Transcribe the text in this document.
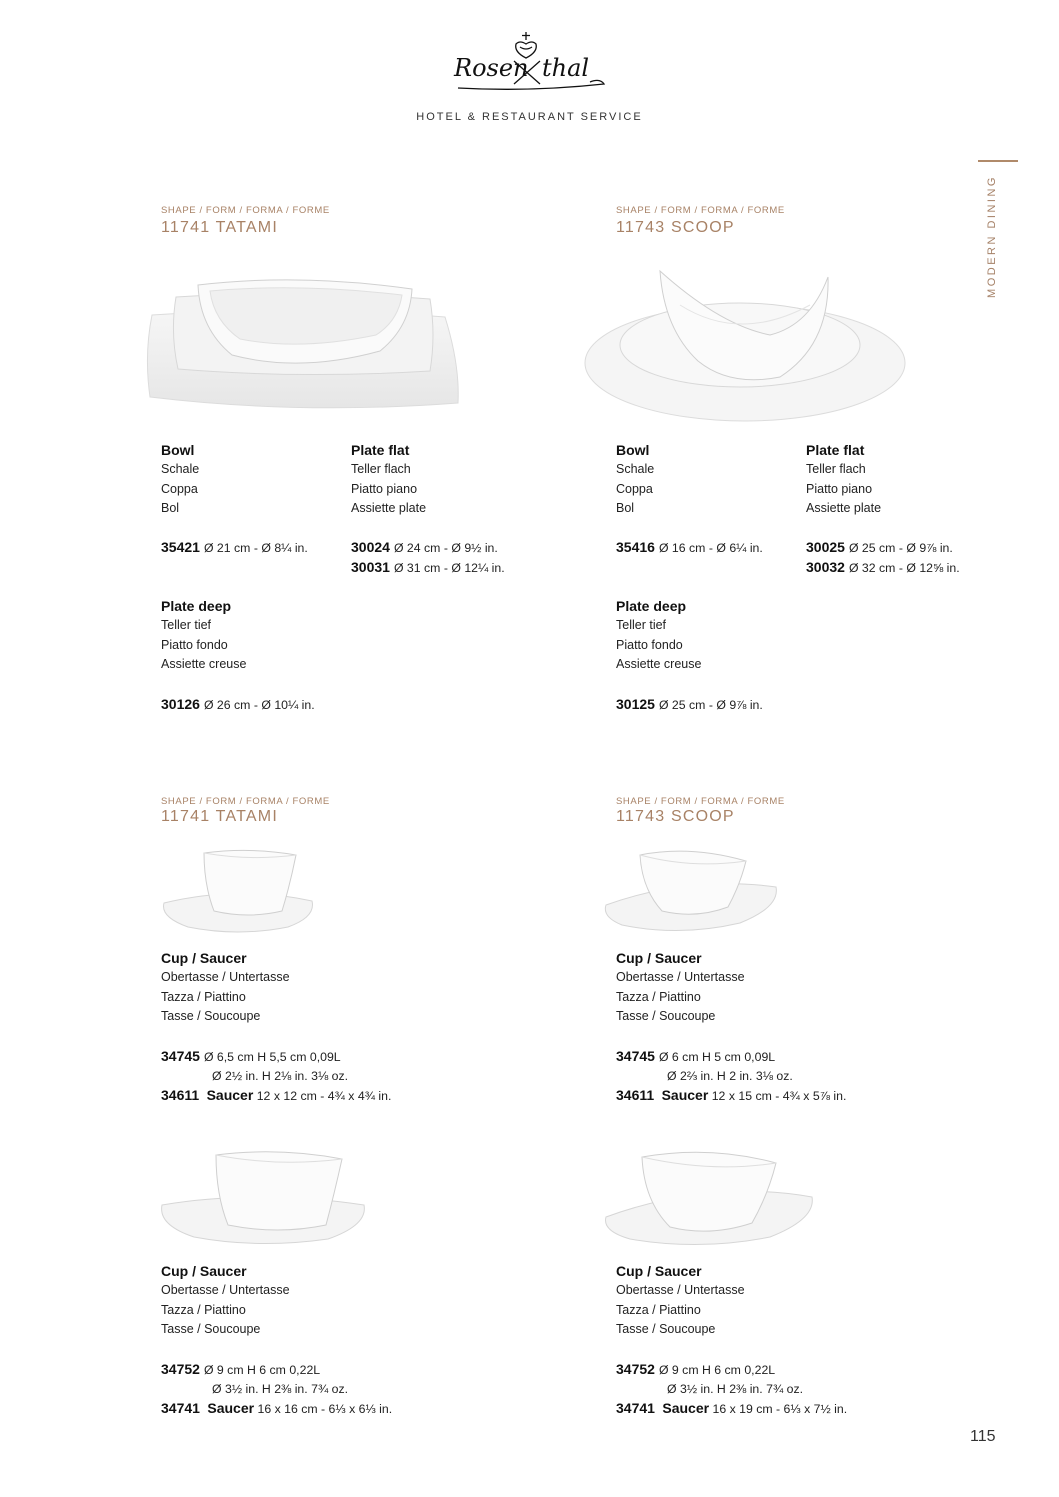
Rosen thal
HOTEL & RESTAURANT SERVICE
MODERN DINING
SHAPE / FORM / FORMA / FORME
11741 TATAMI
Bowl
Schale
Coppa
Bol
35421 Ø 21 cm - Ø 8¼ in.
Plate flat
Teller flach
Piatto piano
Assiette plate
30024 Ø 24 cm - Ø 9½ in.
30031 Ø 31 cm - Ø 12¼ in.
Plate deep
Teller tief
Piatto fondo
Assiette creuse
30126 Ø 26 cm - Ø 10¼ in.
SHAPE / FORM / FORMA / FORME
11743 SCOOP
Bowl
Schale
Coppa
Bol
35416 Ø 16 cm - Ø 6¼ in.
Plate flat
Teller flach
Piatto piano
Assiette plate
30025 Ø 25 cm - Ø 9⅞ in.
30032 Ø 32 cm - Ø 12⅝ in.
Plate deep
Teller tief
Piatto fondo
Assiette creuse
30125 Ø 25 cm - Ø 9⅞ in.
SHAPE / FORM / FORMA / FORME
11741 TATAMI
Cup / Saucer
Obertasse / Untertasse
Tazza / Piattino
Tasse / Soucoupe
34745 Ø 6,5 cm H 5,5 cm 0,09L
Ø 2½ in. H 2⅛ in. 3⅛ oz.
34611 Saucer 12 x 12 cm - 4¾ x 4¾ in.
Cup / Saucer
Obertasse / Untertasse
Tazza / Piattino
Tasse / Soucoupe
34752 Ø 9 cm H 6 cm 0,22L
Ø 3½ in. H 2⅜ in. 7¾ oz.
34741 Saucer 16 x 16 cm - 6⅓ x 6⅓ in.
SHAPE / FORM / FORMA / FORME
11743 SCOOP
Cup / Saucer
Obertasse / Untertasse
Tazza / Piattino
Tasse / Soucoupe
34745 Ø 6 cm H 5 cm 0,09L
Ø 2⅔ in. H 2 in. 3⅛ oz.
34611 Saucer 12 x 15 cm - 4¾ x 5⅞ in.
Cup / Saucer
Obertasse / Untertasse
Tazza / Piattino
Tasse / Soucoupe
34752 Ø 9 cm H 6 cm 0,22L
Ø 3½ in. H 2⅜ in. 7¾ oz.
34741 Saucer 16 x 19 cm - 6⅓ x 7½ in.
115
